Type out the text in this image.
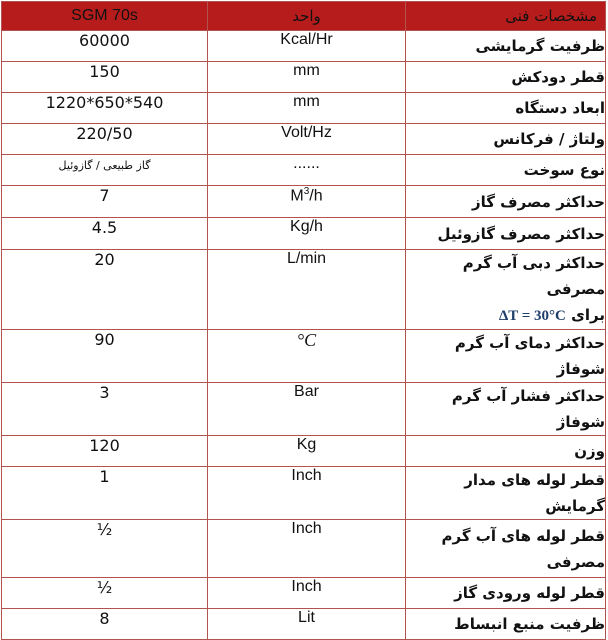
SGM 70s	واحد	مشخصات فنی
60000	Kcal/Hr	ظرفیت گرمایشی
150	mm	قطر دودکش
1220*650*540	mm	ابعاد دستگاه
220/50	Volt/Hz	ولتاژ / فرکانس
گاز طبیعی / گازوئیل	......	نوع سوخت
7	$M^3/h$	حداکثر مصرف گاز
4.5	Kg/h	حداکثر مصرف گازوئیل
20	L/min	حداکثر دبی آب گرم مصرفی
برای ΔT = 30°C

90	°C	حداکثر دمای آب گرم شوفاژ
3	Bar	حداکثر فشار آب گرم شوفاژ
120	Kg	وزن
1	Inch	قطر لوله های مدار گرمایش
½	Inch	قطر لوله های آب گرم
مصرفی

½	Inch	قطر لوله ورودی گاز
8	Lit	ظرفیت منبع انبساط
